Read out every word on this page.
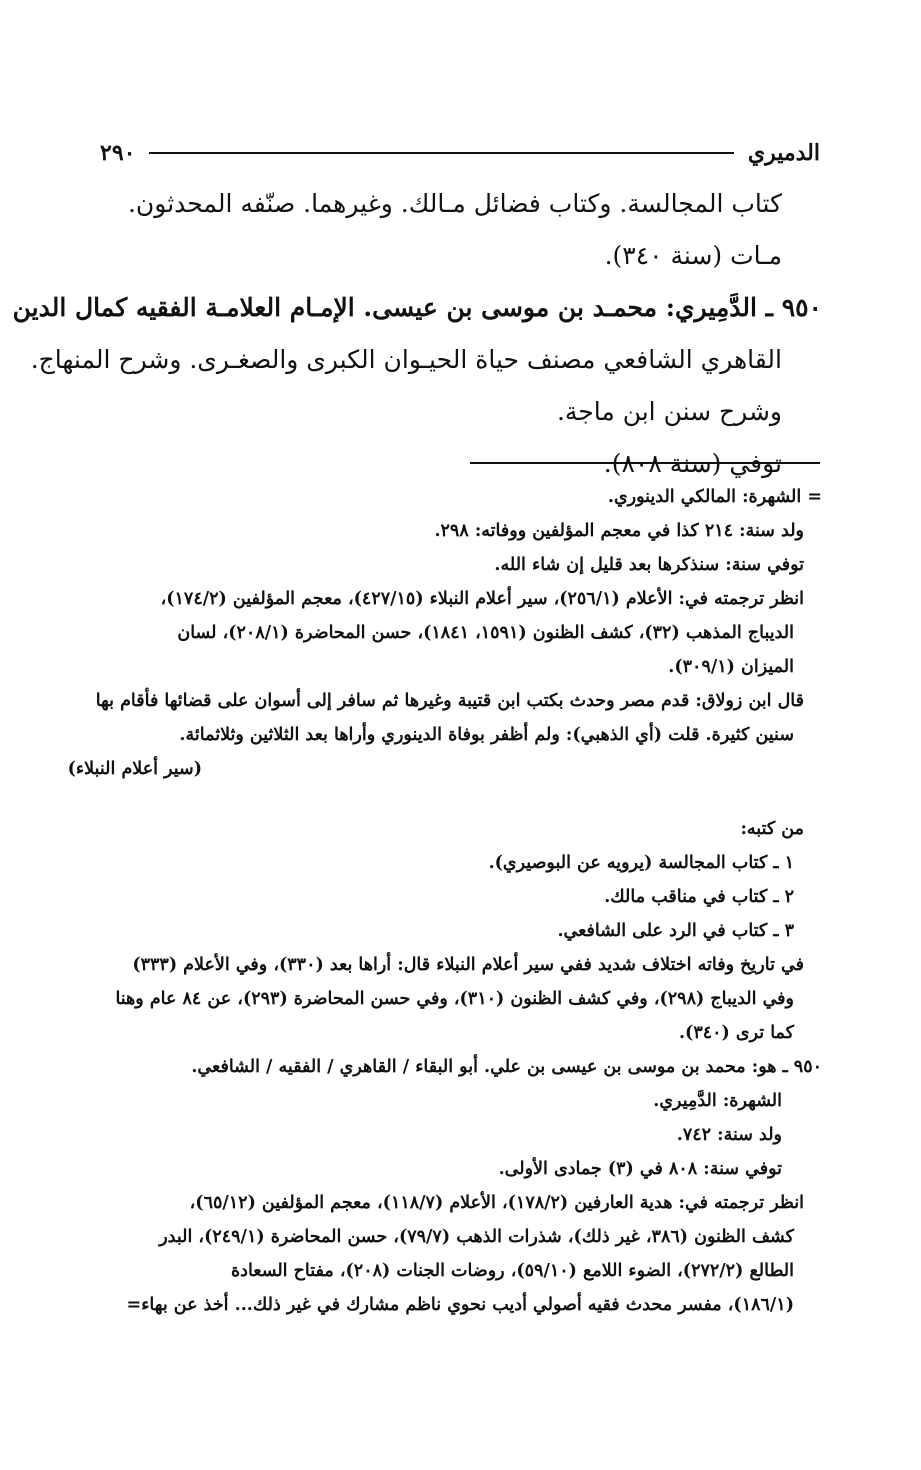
الدميري
٢٩٠
كتاب المجالسة. وكتاب فضائل مـالك. وغيرهما. صنّفه المحدثون.
مـات (سنة ٣٤٠).
٩٥٠ ـ الدَّمِيري: محمـد بن موسى بن عيسى. الإمـام العلامـة الفقيه كمال الدين
القاهري الشافعي مصنف حياة الحيـوان الكبرى والصغـرى. وشرح المنهاج.
وشرح سنن ابن ماجة.
توفي (سنة ٨٠٨).
= الشهرة: المالكي الدينوري.
ولد سنة: ٢١٤ كذا في معجم المؤلفين ووفاته: ٢٩٨.
توفي سنة: سنذكرها بعد قليل إن شاء الله.
انظر ترجمته في: الأعلام (٢٥٦/١)، سير أعلام النبلاء (٤٢٧/١٥)، معجم المؤلفين (١٧٤/٢)،
الديباج المذهب (٣٢)، كشف الظنون (١٥٩١، ١٨٤١)، حسن المحاضرة (٢٠٨/١)، لسان
الميزان (٣٠٩/١).
قال ابن زولاق: قدم مصر وحدث بكتب ابن قتيبة وغيرها ثم سافر إلى أسوان على قضائها فأقام بها
سنين كثيرة. قلت (أي الذهبي): ولم أظفر بوفاة الدينوري وأراها بعد الثلاثين وثلاثمائة.
(سير أعلام النبلاء)
من كتبه:
١ ـ كتاب المجالسة (يرويه عن البوصيري).
٢ ـ كتاب في مناقب مالك.
٣ ـ كتاب في الرد على الشافعي.
في تاريخ وفاته اختلاف شديد ففي سير أعلام النبلاء قال: أراها بعد (٣٣٠)، وفي الأعلام (٣٣٣)
وفي الديباج (٢٩٨)، وفي كشف الظنون (٣١٠)، وفي حسن المحاضرة (٢٩٣)، عن ٨٤ عام وهنا
كما ترى (٣٤٠).
٩٥٠ ـ هو: محمد بن موسى بن عيسى بن علي. أبو البقاء / القاهري / الفقيه / الشافعي.
الشهرة: الدَّمِيري.
ولد سنة: ٧٤٢.
توفي سنة: ٨٠٨ في (٣) جمادى الأولى.
انظر ترجمته في: هدية العارفين (١٧٨/٢)، الأعلام (١١٨/٧)، معجم المؤلفين (٦٥/١٢)،
كشف الظنون (٣٨٦، غير ذلك)، شذرات الذهب (٧٩/٧)، حسن المحاضرة (٢٤٩/١)، البدر
الطالع (٢٧٢/٢)، الضوء اللامع (٥٩/١٠)، روضات الجنات (٢٠٨)، مفتاح السعادة
(١٨٦/١)، مفسر محدث فقيه أصولي أديب نحوي ناظم مشارك في غير ذلك... أخذ عن بهاء=
